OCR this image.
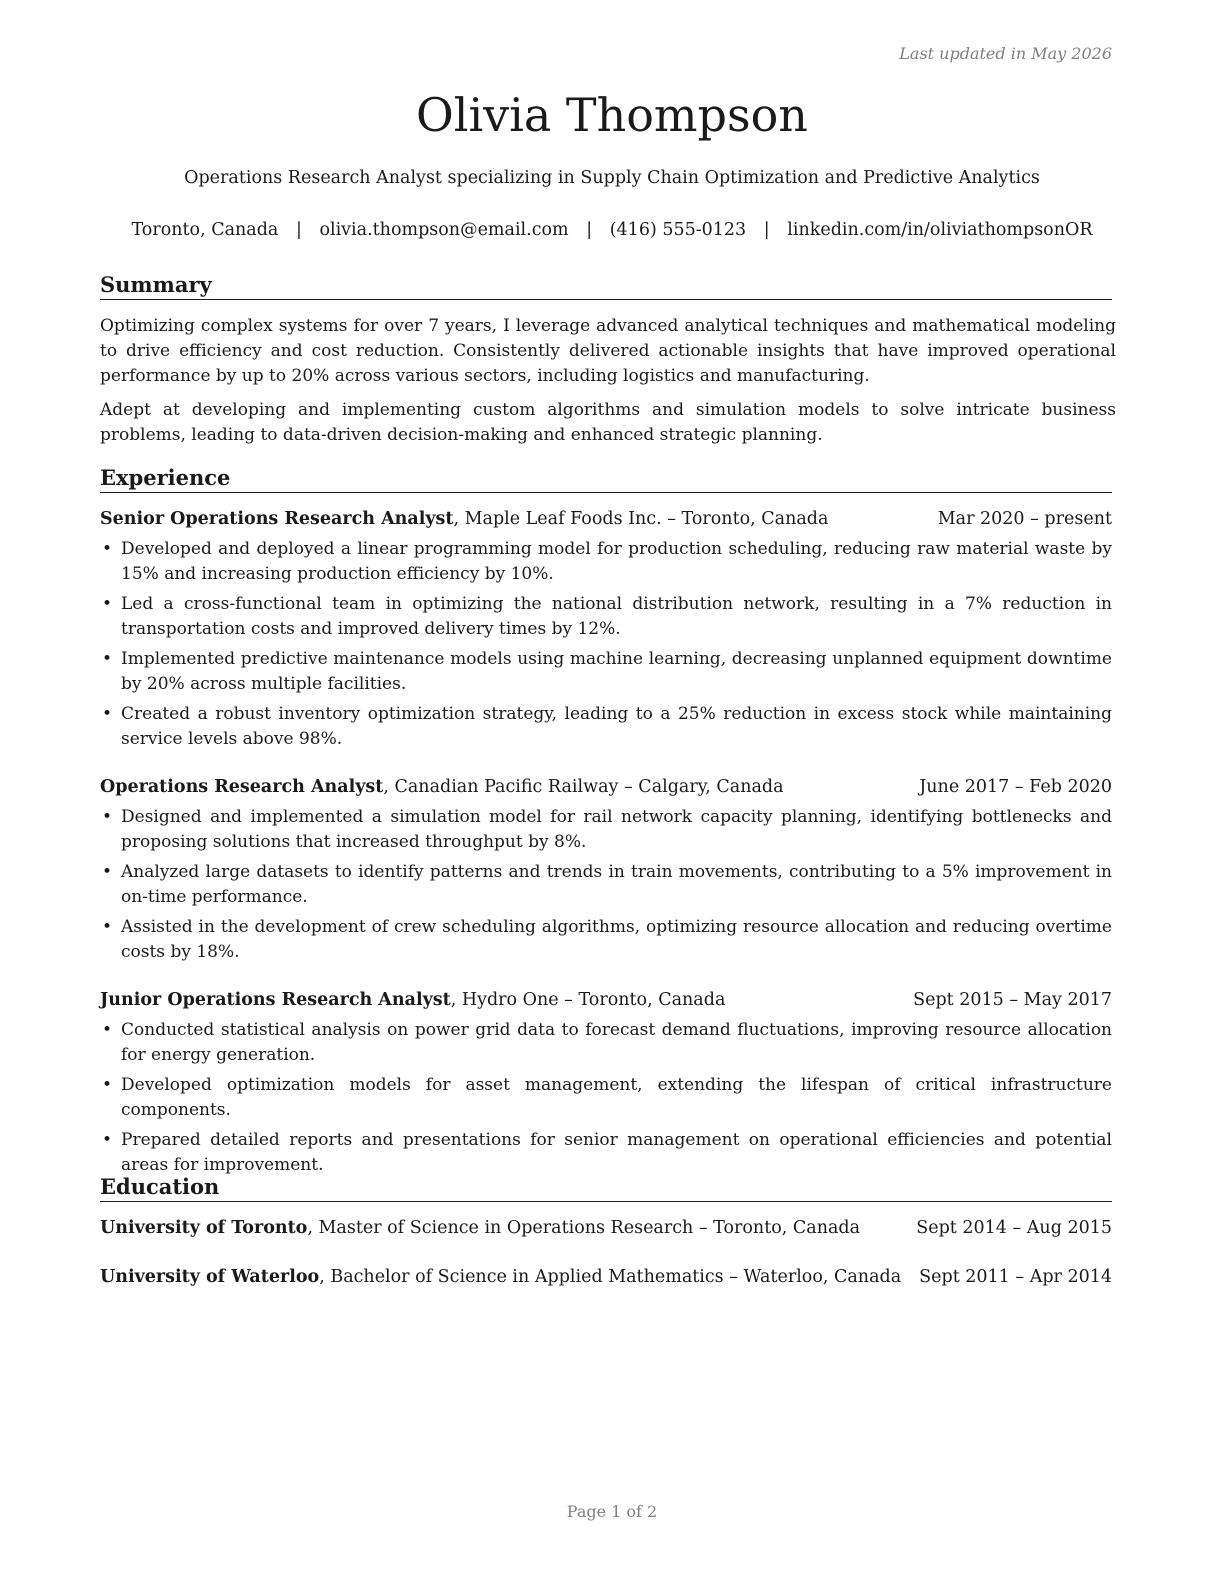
Last updated in May 2026
Olivia Thompson
Operations Research Analyst specializing in Supply Chain Optimization and Predictive Analytics
Toronto, Canada | olivia.thompson@email.com | (416) 555-0123 | linkedin.com/in/oliviathompsonOR
Summary

Optimizing complex systems for over 7 years, I leverage advanced analytical techniques and mathematical modeling to drive efficiency and cost reduction. Consistently delivered actionable insights that have improved operational performance by up to 20% across various sectors, including logistics and manufacturing.

Adept at developing and implementing custom algorithms and simulation models to solve intricate business problems, leading to data-driven decision-making and enhanced strategic planning.

Experience
Senior Operations Research Analyst, Maple Leaf Foods Inc. – Toronto, Canada	Mar 2020 – present
• Developed and deployed a linear programming model for production scheduling, reducing raw material waste by 15% and increasing production efficiency by 10%.
• Led a cross-functional team in optimizing the national distribution network, resulting in a 7% reduction in transportation costs and improved delivery times by 12%.
• Implemented predictive maintenance models using machine learning, decreasing unplanned equipment downtime by 20% across multiple facilities.
• Created a robust inventory optimization strategy, leading to a 25% reduction in excess stock while maintaining service levels above 98%.
Operations Research Analyst, Canadian Pacific Railway – Calgary, Canada	June 2017 – Feb 2020
• Designed and implemented a simulation model for rail network capacity planning, identifying bottlenecks and proposing solutions that increased throughput by 8%.
• Analyzed large datasets to identify patterns and trends in train movements, contributing to a 5% improvement in on-time performance.
• Assisted in the development of crew scheduling algorithms, optimizing resource allocation and reducing overtime costs by 18%.
Junior Operations Research Analyst, Hydro One – Toronto, Canada	Sept 2015 – May 2017
• Conducted statistical analysis on power grid data to forecast demand fluctuations, improving resource allocation for energy generation.
• Developed optimization models for asset management, extending the lifespan of critical infrastructure components.
• Prepared detailed reports and presentations for senior management on operational efficiencies and potential areas for improvement.
Education
University of Toronto, Master of Science in Operations Research – Toronto, Canada	Sept 2014 – Aug 2015
University of Waterloo, Bachelor of Science in Applied Mathematics – Waterloo, Canada Sept 2011 – Apr 2014
Page 1 of 2
